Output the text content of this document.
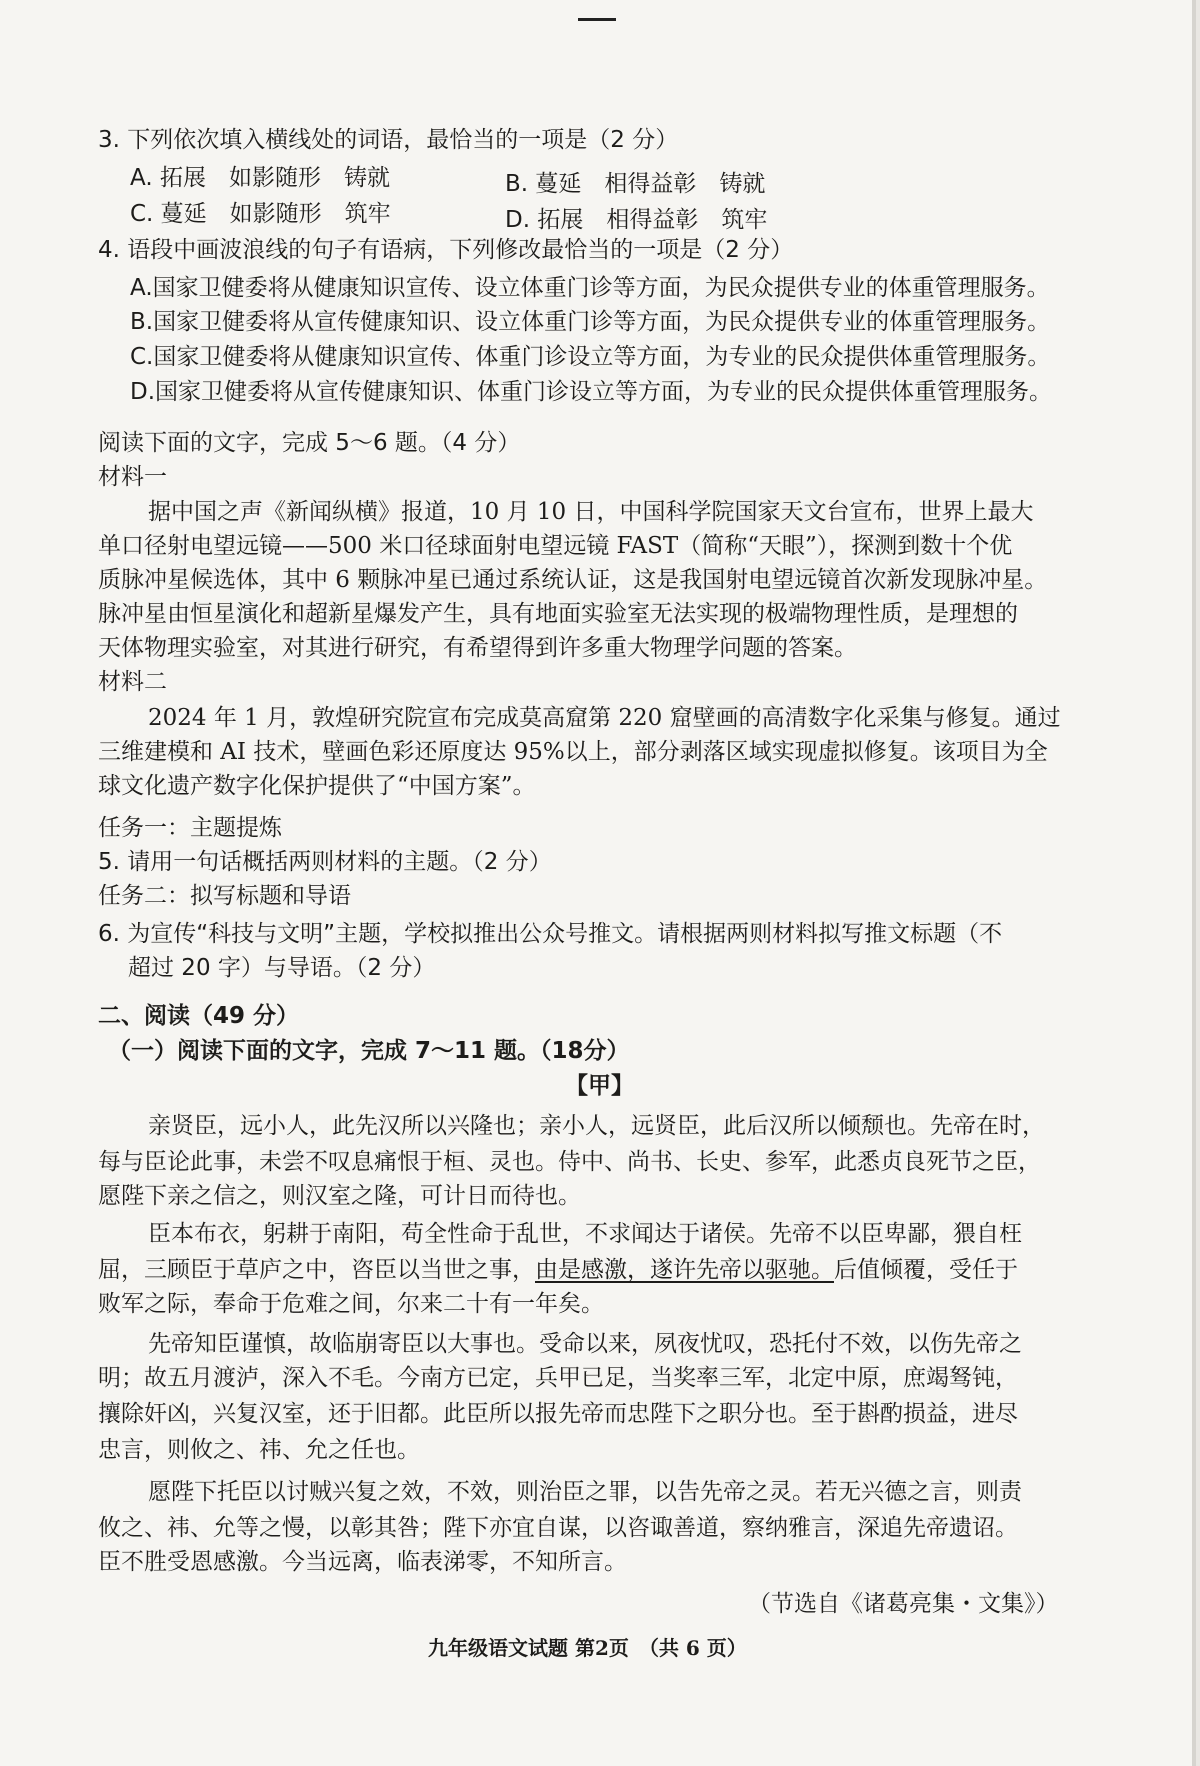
3. 下列依次填入横线处的词语，最恰当的一项是（2 分）
A. 拓展　如影随形　铸就	B. 蔓延　相得益彰　铸就
C. 蔓延　如影随形　筑牢	D. 拓展　相得益彰　筑牢
4. 语段中画波浪线的句子有语病，下列修改最恰当的一项是（2 分）
A.国家卫健委将从健康知识宣传、设立体重门诊等方面，为民众提供专业的体重管理服务。
B.国家卫健委将从宣传健康知识、设立体重门诊等方面，为民众提供专业的体重管理服务。
C.国家卫健委将从健康知识宣传、体重门诊设立等方面，为专业的民众提供体重管理服务。
D.国家卫健委将从宣传健康知识、体重门诊设立等方面，为专业的民众提供体重管理服务。
阅读下面的文字，完成 5～6 题。（4 分）
材料一
据中国之声《新闻纵横》报道，10 月 10 日，中国科学院国家天文台宣布，世界上最大
单口径射电望远镜——500 米口径球面射电望远镜 FAST（简称“天眼”），探测到数十个优
质脉冲星候选体，其中 6 颗脉冲星已通过系统认证，这是我国射电望远镜首次新发现脉冲星。
脉冲星由恒星演化和超新星爆发产生，具有地面实验室无法实现的极端物理性质，是理想的
天体物理实验室，对其进行研究，有希望得到许多重大物理学问题的答案。
材料二
2024 年 1 月，敦煌研究院宣布完成莫高窟第 220 窟壁画的高清数字化采集与修复。通过
三维建模和 AI 技术，壁画色彩还原度达 95%以上，部分剥落区域实现虚拟修复。该项目为全
球文化遗产数字化保护提供了“中国方案”。
任务一：主题提炼
5. 请用一句话概括两则材料的主题。（2 分）
任务二：拟写标题和导语
6. 为宣传“科技与文明”主题，学校拟推出公众号推文。请根据两则材料拟写推文标题（不
超过 20 字）与导语。（2 分）
二、阅读（49 分）
（一）阅读下面的文字，完成 7～11 题。（18分）
【甲】
亲贤臣，远小人，此先汉所以兴隆也；亲小人，远贤臣，此后汉所以倾颓也。先帝在时，
每与臣论此事，未尝不叹息痛恨于桓、灵也。侍中、尚书、长史、参军，此悉贞良死节之臣，
愿陛下亲之信之，则汉室之隆，可计日而待也。
臣本布衣，躬耕于南阳，苟全性命于乱世，不求闻达于诸侯。先帝不以臣卑鄙，猥自枉
屈，三顾臣于草庐之中，咨臣以当世之事，由是感激，遂许先帝以驱驰。后值倾覆，受任于
败军之际，奉命于危难之间，尔来二十有一年矣。
先帝知臣谨慎，故临崩寄臣以大事也。受命以来，夙夜忧叹，恐托付不效，以伤先帝之
明；故五月渡泸，深入不毛。今南方已定，兵甲已足，当奖率三军，北定中原，庶竭驽钝，
攘除奸凶，兴复汉室，还于旧都。此臣所以报先帝而忠陛下之职分也。至于斟酌损益，进尽
忠言，则攸之、祎、允之任也。
愿陛下托臣以讨贼兴复之效，不效，则治臣之罪，以告先帝之灵。若无兴德之言，则责
攸之、祎、允等之慢，以彰其咎；陛下亦宜自谋，以咨诹善道，察纳雅言，深追先帝遗诏。
臣不胜受恩感激。今当远离，临表涕零，不知所言。
（节选自《诸葛亮集・文集》）
九年级语文试题 第2页　（共 6 页）
